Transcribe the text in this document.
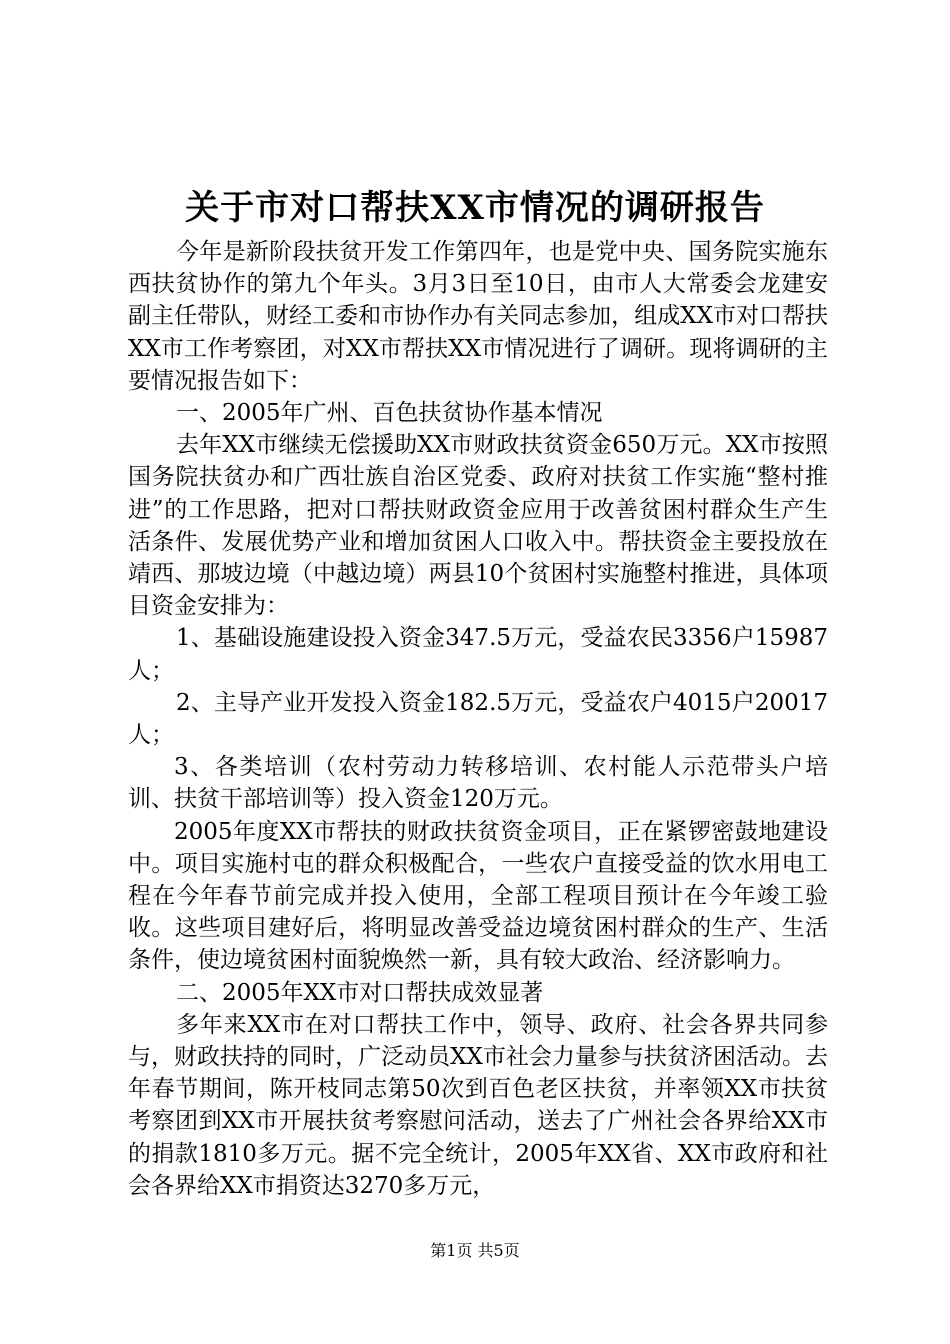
关于市对口帮扶XX市情况的调研报告

今年是新阶段扶贫开发工作第四年，也是党中央、国务院实施东西扶贫协作的第九个年头。3月3日至10日，由市人大常委会龙建安副主任带队，财经工委和市协作办有关同志参加，组成XX市对口帮扶XX市工作考察团，对XX市帮扶XX市情况进行了调研。现将调研的主要情况报告如下：

一、2005年广州、百色扶贫协作基本情况

去年XX市继续无偿援助XX市财政扶贫资金650万元。XX市按照国务院扶贫办和广西壮族自治区党委、政府对扶贫工作实施“整村推进”的工作思路，把对口帮扶财政资金应用于改善贫困村群众生产生活条件、发展优势产业和增加贫困人口收入中。帮扶资金主要投放在靖西、那坡边境（中越边境）两县10个贫困村实施整村推进，具体项目资金安排为：

1、基础设施建设投入资金347.5万元，受益农民3356户15987人；

2、主导产业开发投入资金182.5万元，受益农户4015户20017人；

3、各类培训（农村劳动力转移培训、农村能人示范带头户培训、扶贫干部培训等）投入资金120万元。

2005年度XX市帮扶的财政扶贫资金项目，正在紧锣密鼓地建设中。项目实施村屯的群众积极配合，一些农户直接受益的饮水用电工程在今年春节前完成并投入使用，全部工程项目预计在今年竣工验收。这些项目建好后，将明显改善受益边境贫困村群众的生产、生活条件，使边境贫困村面貌焕然一新，具有较大政治、经济影响力。

二、2005年XX市对口帮扶成效显著

多年来XX市在对口帮扶工作中，领导、政府、社会各界共同参与，财政扶持的同时，广泛动员XX市社会力量参与扶贫济困活动。去年春节期间，陈开枝同志第50次到百色老区扶贫，并率领XX市扶贫考察团到XX市开展扶贫考察慰问活动，送去了广州社会各界给XX市的捐款1810多万元。据不完全统计，2005年XX省、XX市政府和社会各界给XX市捐资达3270多万元，

第1页 共5页
